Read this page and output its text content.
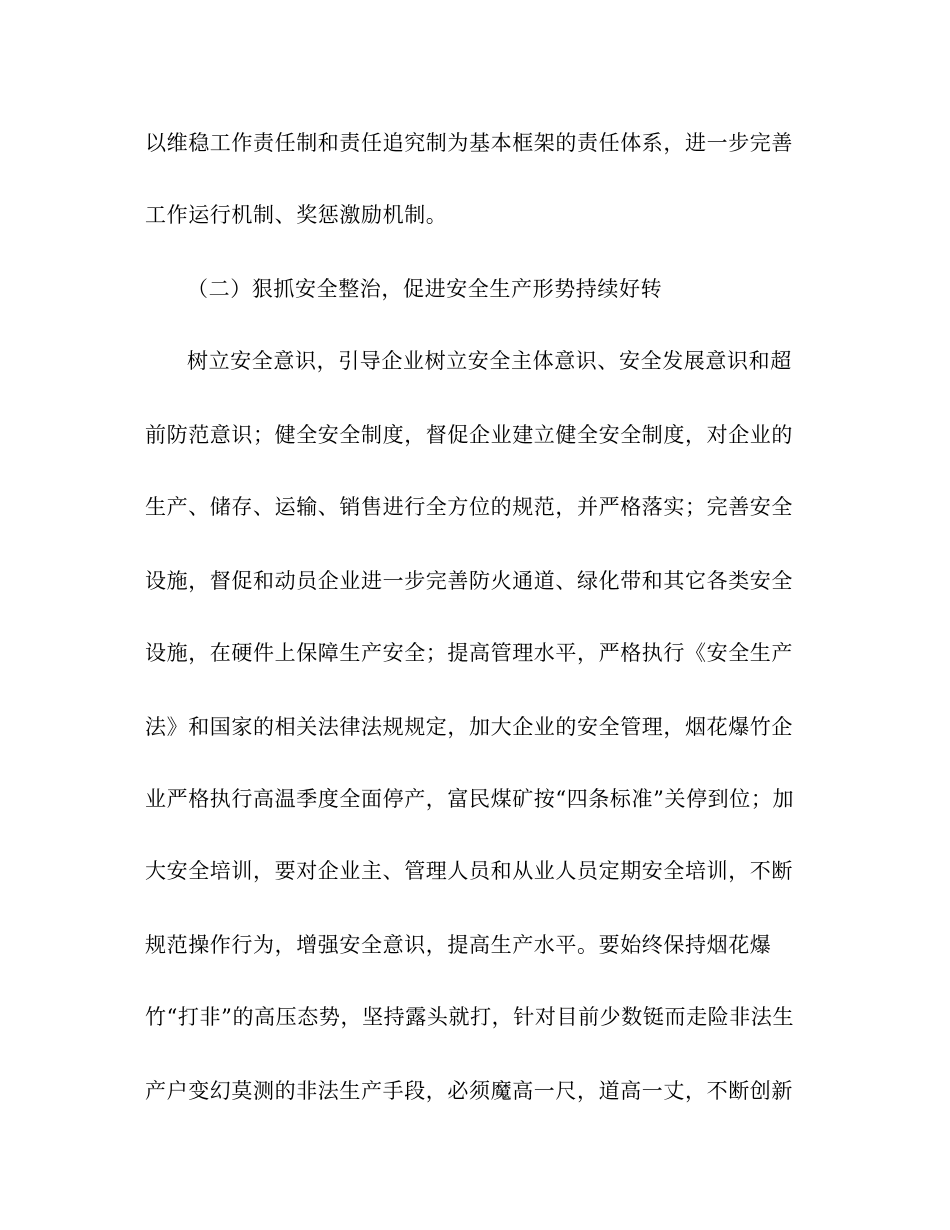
以维稳工作责任制和责任追究制为基本框架的责任体系，进一步完善
工作运行机制、奖惩激励机制。
（二）狠抓安全整治，促进安全生产形势持续好转
树立安全意识，引导企业树立安全主体意识、安全发展意识和超
前防范意识；健全安全制度，督促企业建立健全安全制度，对企业的
生产、储存、运输、销售进行全方位的规范，并严格落实；完善安全
设施，督促和动员企业进一步完善防火通道、绿化带和其它各类安全
设施，在硬件上保障生产安全；提高管理水平，严格执行《安全生产
法》和国家的相关法律法规规定，加大企业的安全管理，烟花爆竹企
业严格执行高温季度全面停产，富民煤矿按“四条标准”关停到位；加
大安全培训，要对企业主、管理人员和从业人员定期安全培训，不断
规范操作行为，增强安全意识，提高生产水平。要始终保持烟花爆
竹“打非”的高压态势，坚持露头就打，针对目前少数铤而走险非法生
产户变幻莫测的非法生产手段，必须魔高一尺，道高一丈，不断创新
